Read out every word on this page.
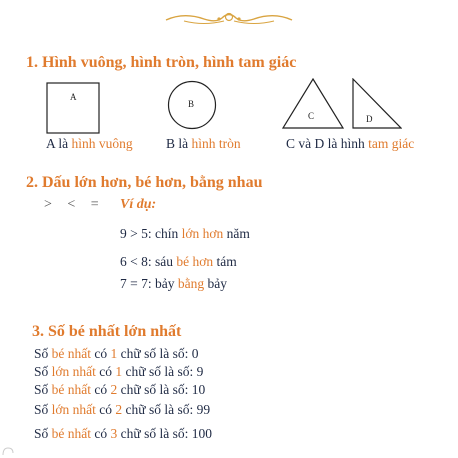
1. Hình vuông, hình tròn, hình tam giác
A
B
C	D
A là hình vuông B là hình tròn	C và D là hình tam giác
2. Dấu lớn hơn, bé hơn, bằng nhau
> < = Ví dụ:
9 > 5: chín lớn hơn năm
6 < 8: sáu bé hơn tám
7 = 7: bảy bằng bảy
3. Số bé nhất lớn nhất
Số bé nhất có 1 chữ số là số: 0
Số lớn nhất có 1 chữ số là số: 9
Số bé nhất có 2 chữ số là số: 10
Số lớn nhất có 2 chữ số là số: 99
Số bé nhất có 3 chữ số là số: 100
